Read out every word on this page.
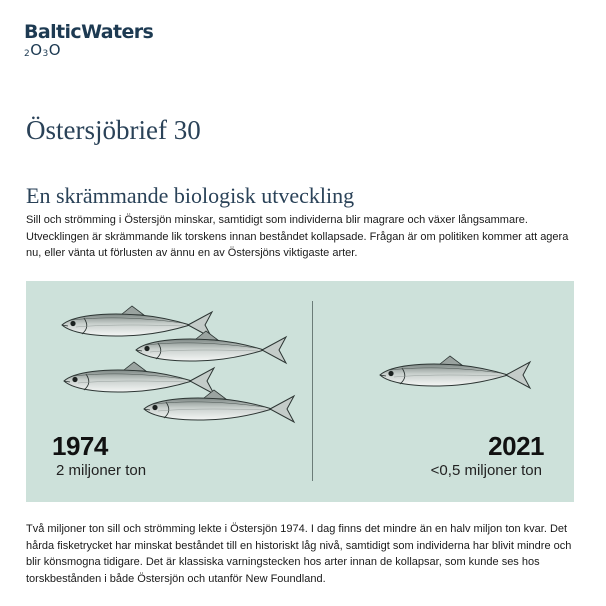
BalticWaters
2O3O
Östersjöbrief 30
En skrämmande biologisk utveckling

Sill och strömming i Östersjön minskar, samtidigt som individerna blir magrare och växer långsammare. Utvecklingen är skrämmande lik torskens innan beståndet kollapsade. Frågan är om politiken kommer att agera nu, eller vänta ut förlusten av ännu en av Östersjöns viktigaste arter.

1974
2 miljoner ton
2021
<0,5 miljoner ton

Två miljoner ton sill och strömming lekte i Östersjön 1974. I dag finns det mindre än en halv miljon ton kvar. Det hårda fisketrycket har minskat beståndet till en historiskt låg nivå, samtidigt som individerna har blivit mindre och blir könsmogna tidigare. Det är klassiska varningstecken hos arter innan de kollapsar, som kunde ses hos torskbestånden i både Östersjön och utanför New Foundland.
